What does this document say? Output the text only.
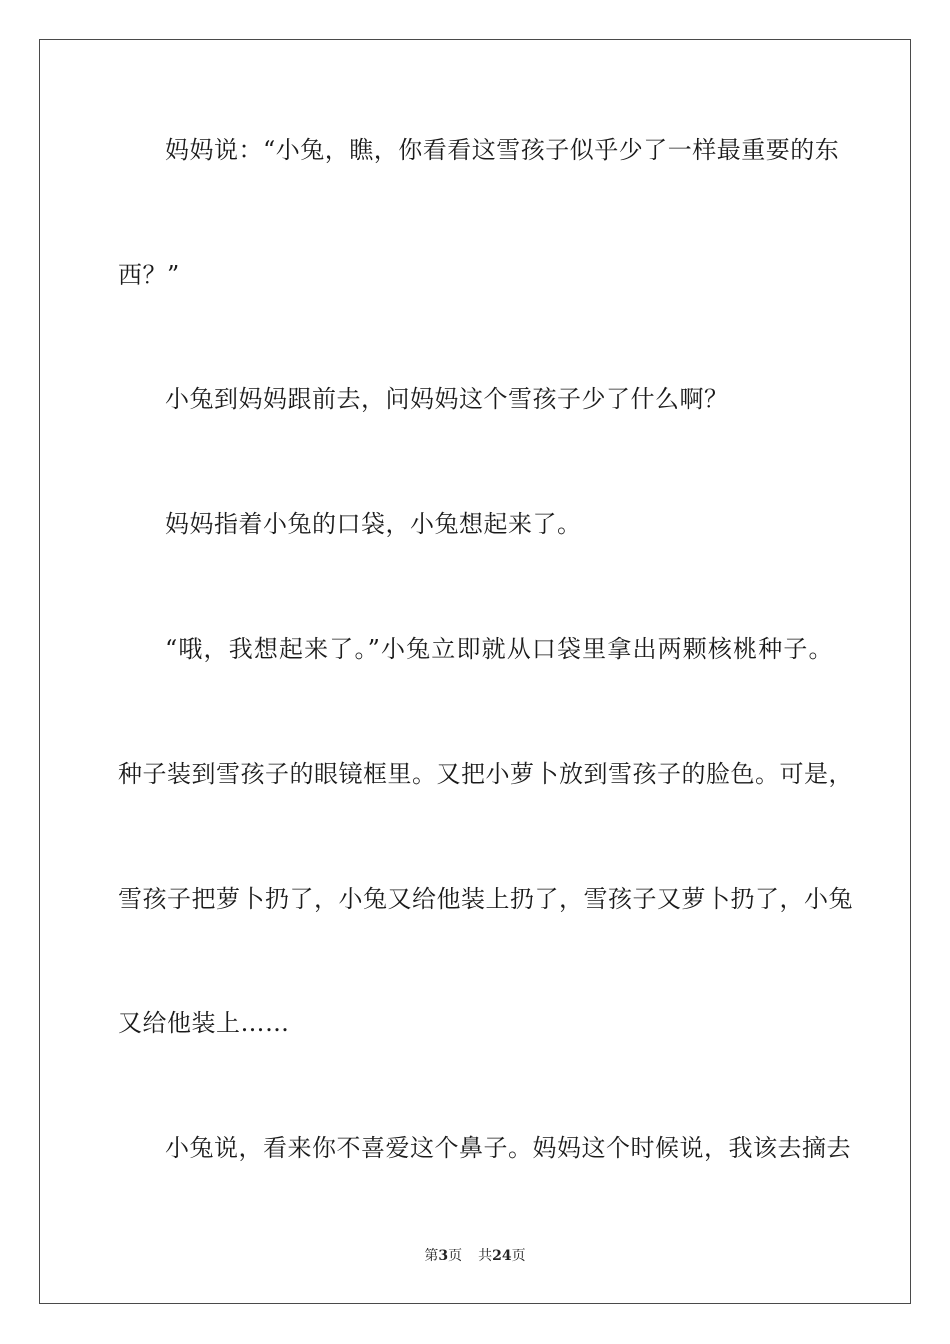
妈妈说：“小兔，瞧，你看看这雪孩子似乎少了一样最重要的东
西？”
小兔到妈妈跟前去，问妈妈这个雪孩子少了什么啊？
妈妈指着小兔的口袋，小兔想起来了。
“哦，我想起来了。”小兔立即就从口袋里拿出两颗核桃种子。
种子装到雪孩子的眼镜框里。又把小萝卜放到雪孩子的脸色。可是，
雪孩子把萝卜扔了，小兔又给他装上扔了，雪孩子又萝卜扔了，小兔
又给他装上……
小兔说，看来你不喜爱这个鼻子。妈妈这个时候说，我该去摘去
第3页 共24页
